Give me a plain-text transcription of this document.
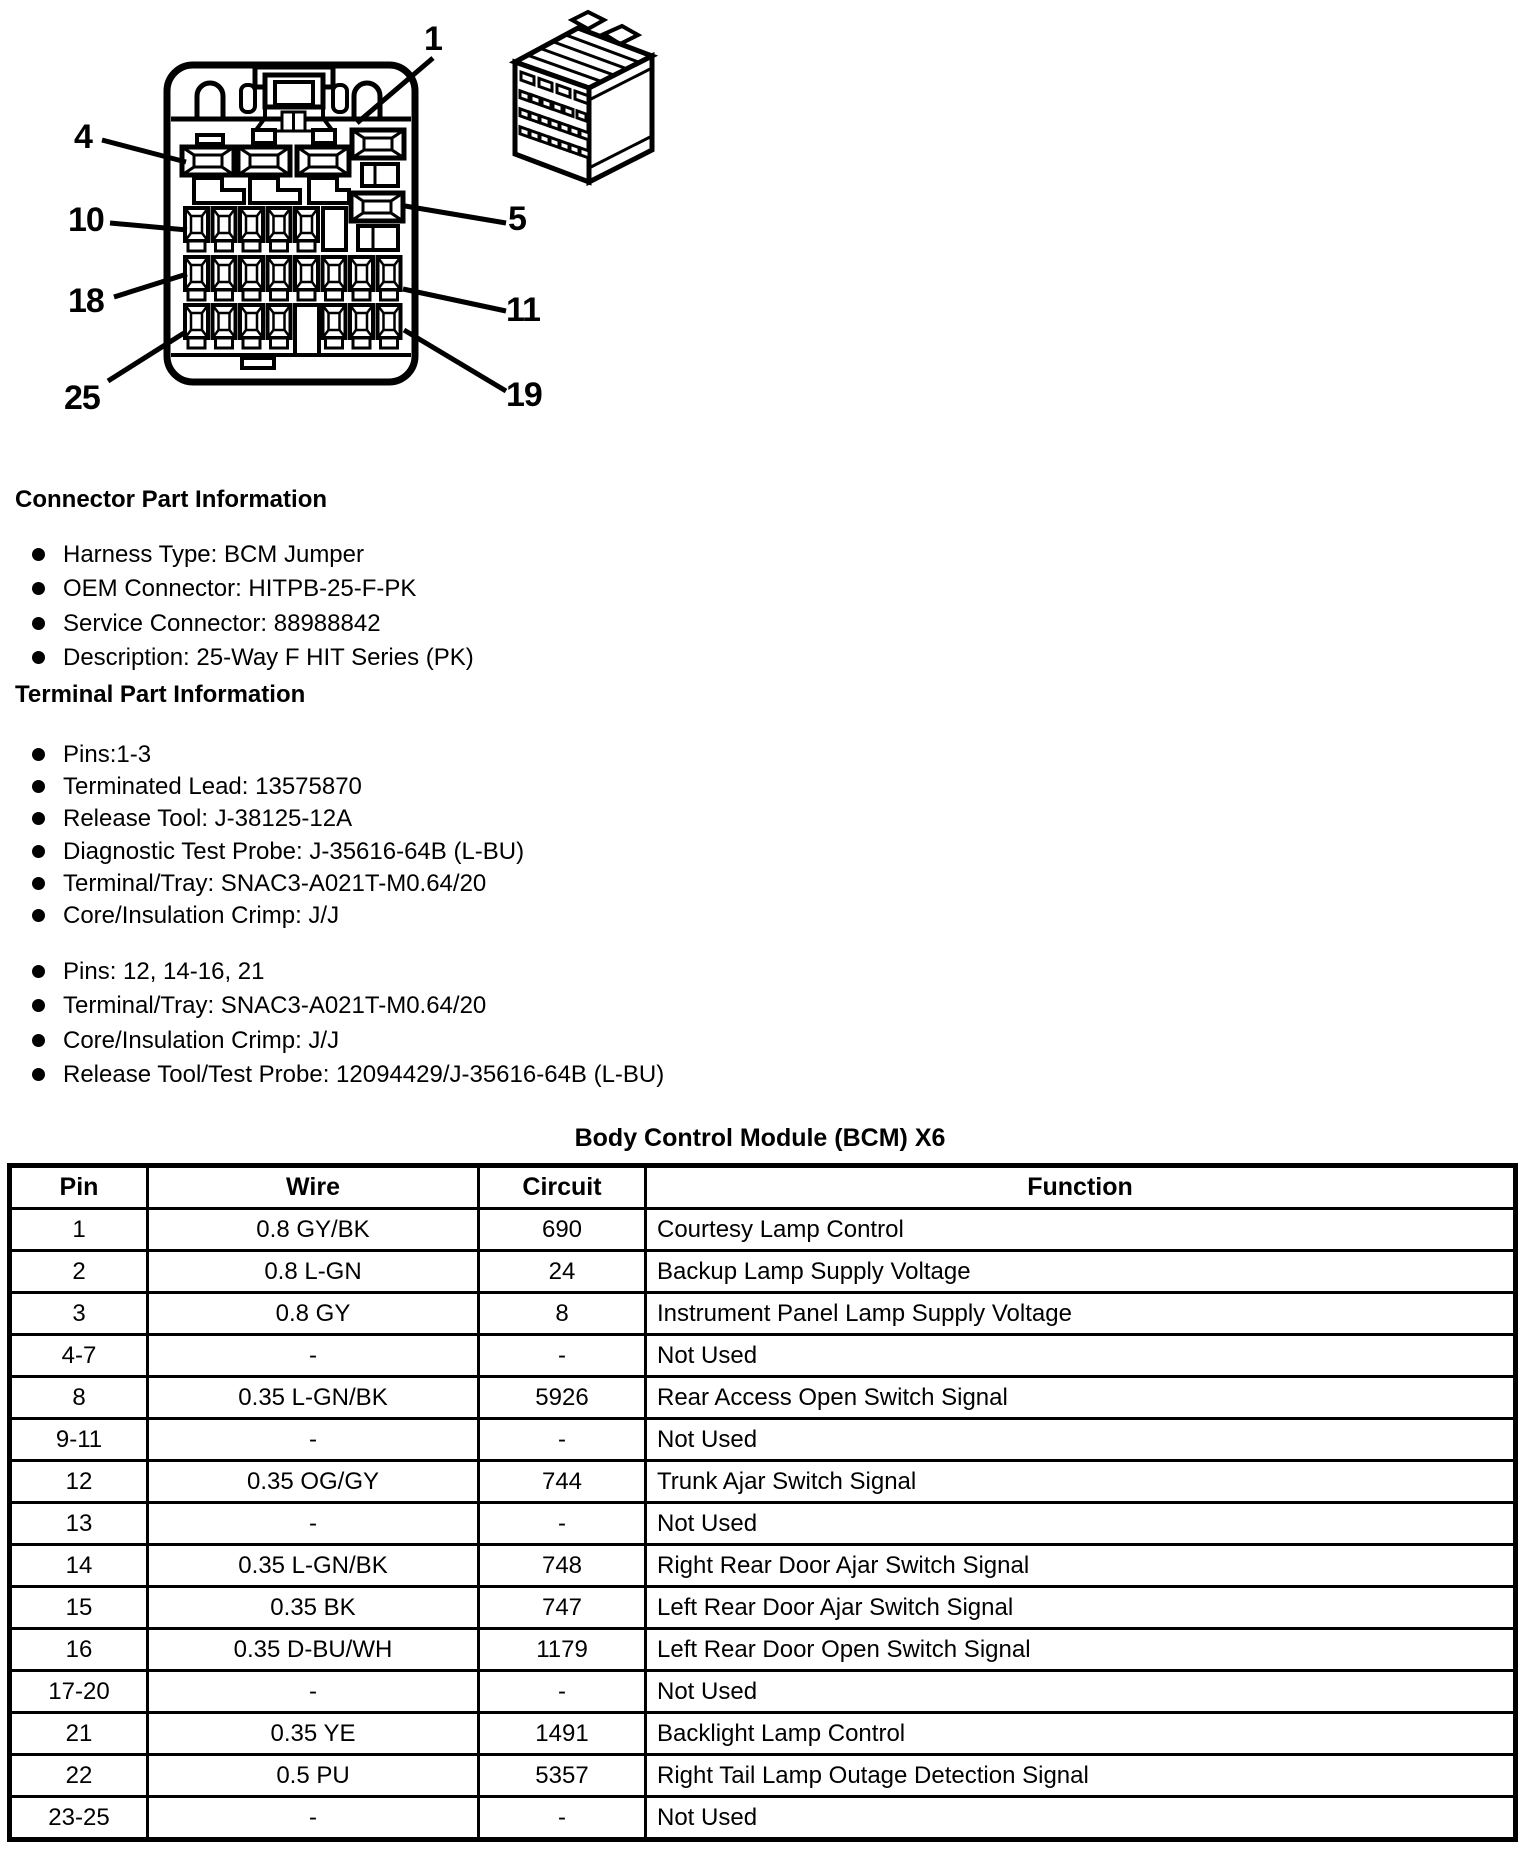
1
4
10
18
25
5
11
19
Connector Part Information
Harness Type: BCM Jumper
OEM Connector: HITPB-25-F-PK
Service Connector: 88988842
Description: 25-Way F HIT Series (PK)
Terminal Part Information
Pins:1-3
Terminated Lead: 13575870
Release Tool: J-38125-12A
Diagnostic Test Probe: J-35616-64B (L-BU)
Terminal/Tray: SNAC3-A021T-M0.64/20
Core/Insulation Crimp: J/J
Pins: 12, 14-16, 21
Terminal/Tray: SNAC3-A021T-M0.64/20
Core/Insulation Crimp: J/J
Release Tool/Test Probe: 12094429/J-35616-64B (L-BU)
Body Control Module (BCM) X6
Pin	Wire	Circuit	Function
1	0.8 GY/BK	690	Courtesy Lamp Control
2	0.8 L-GN	24	Backup Lamp Supply Voltage
3	0.8 GY	8	Instrument Panel Lamp Supply Voltage
4-7	-	-	Not Used
8	0.35 L-GN/BK	5926	Rear Access Open Switch Signal
9-11	-	-	Not Used
12	0.35 OG/GY	744	Trunk Ajar Switch Signal
13	-	-	Not Used
14	0.35 L-GN/BK	748	Right Rear Door Ajar Switch Signal
15	0.35 BK	747	Left Rear Door Ajar Switch Signal
16	0.35 D-BU/WH	1179	Left Rear Door Open Switch Signal
17-20	-	-	Not Used
21	0.35 YE	1491	Backlight Lamp Control
22	0.5 PU	5357	Right Tail Lamp Outage Detection Signal
23-25	-	-	Not Used
